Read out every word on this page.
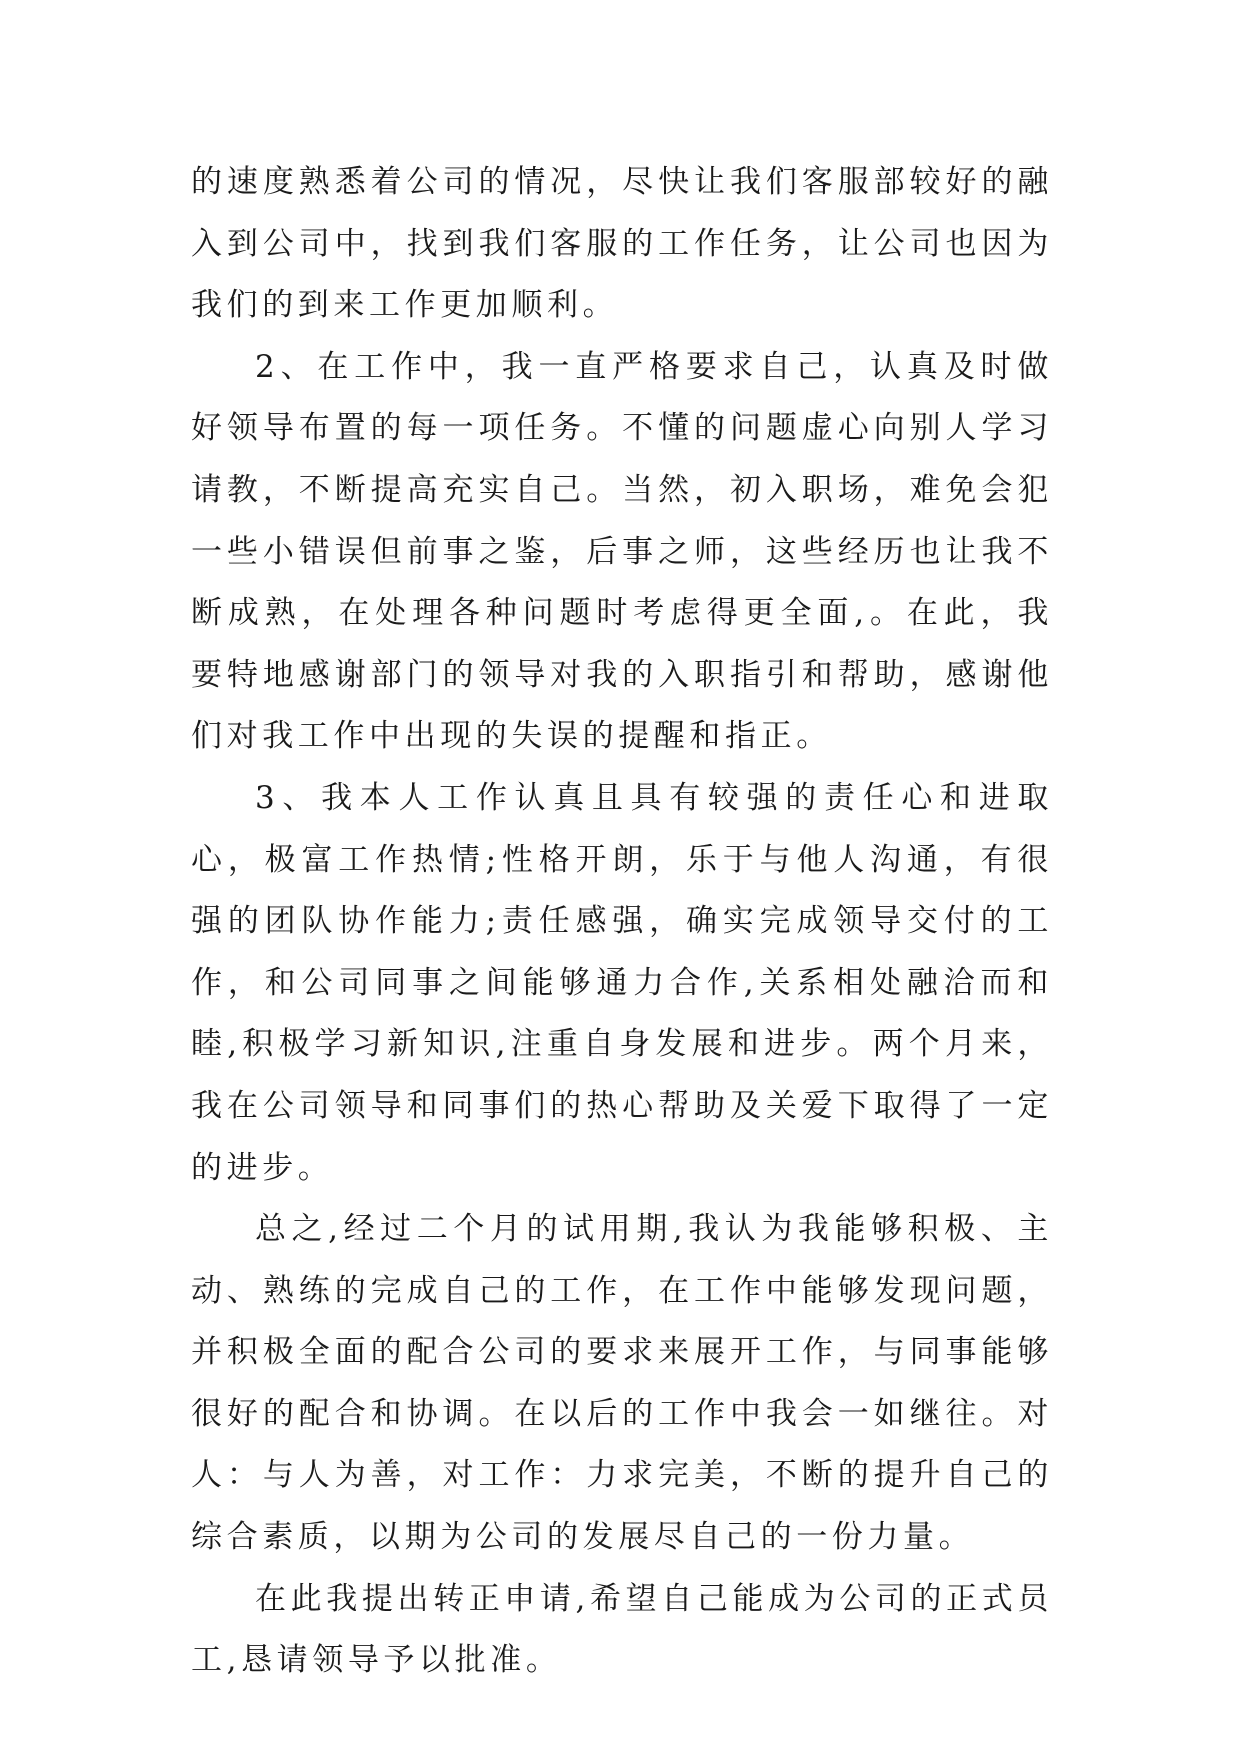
的速度熟悉着公司的情况，尽快让我们客服部较好的融入到公司中，找到我们客服的工作任务，让公司也因为我们的到来工作更加顺利。

2、在工作中，我一直严格要求自己，认真及时做好领导布置的每一项任务。不懂的问题虚心向别人学习请教，不断提高充实自己。当然，初入职场，难免会犯一些小错误但前事之鉴，后事之师，这些经历也让我不断成熟，在处理各种问题时考虑得更全面,。在此，我要特地感谢部门的领导对我的入职指引和帮助，感谢他们对我工作中出现的失误的提醒和指正。

3、我本人工作认真且具有较强的责任心和进取心，极富工作热情;性格开朗，乐于与他人沟通，有很强的团队协作能力;责任感强，确实完成领导交付的工作，和公司同事之间能够通力合作,关系相处融洽而和睦,积极学习新知识,注重自身发展和进步。两个月来，我在公司领导和同事们的热心帮助及关爱下取得了一定的进步。

总之,经过二个月的试用期,我认为我能够积极、主动、熟练的完成自己的工作，在工作中能够发现问题，并积极全面的配合公司的要求来展开工作，与同事能够很好的配合和协调。在以后的工作中我会一如继往。对人：与人为善，对工作：力求完美，不断的提升自己的综合素质，以期为公司的发展尽自己的一份力量。

在此我提出转正申请,希望自己能成为公司的正式员工,恳请领导予以批准。
